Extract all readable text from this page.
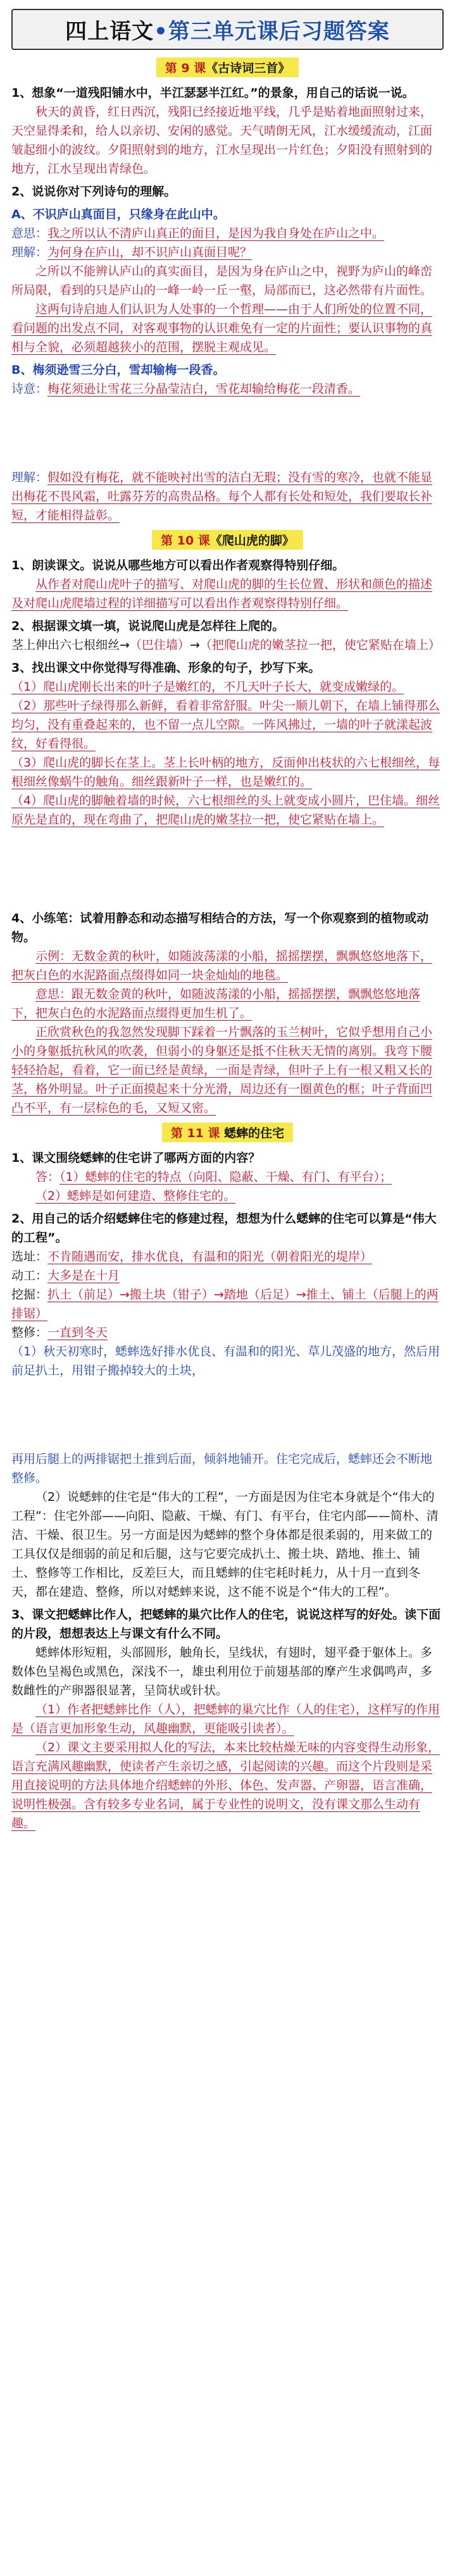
四上语文•第三单元课后习题答案
第 9 课《古诗词三首》

1、想象“一道残阳铺水中，半江瑟瑟半江红。”的景象，用自己的话说一说。

秋天的黄昏，红日西沉，残阳已经接近地平线，几乎是贴着地面照射过来，天空显得柔和，给人以亲切、安闲的感觉。天气晴朗无风，江水缓缓流动，江面皱起细小的波纹。夕阳照射到的地方，江水呈现出一片红色；夕阳没有照射到的地方，江水呈现出青绿色。

2、说说你对下列诗句的理解。

A、不识庐山真面目，只缘身在此山中。

意思：我之所以认不清庐山真正的面目，是因为我自身处在庐山之中。

理解：为何身在庐山，却不识庐山真面目呢？

之所以不能辨认庐山的真实面目，是因为身在庐山之中，视野为庐山的峰峦所局限，看到的只是庐山的一峰一岭一丘一壑，局部而已，这必然带有片面性。

这两句诗启迪人们认识为人处事的一个哲理——由于人们所处的位置不同，看问题的出发点不同，对客观事物的认识难免有一定的片面性；要认识事物的真相与全貌，必须超越狭小的范围，摆脱主观成见。

B、梅须逊雪三分白，雪却输梅一段香。

诗意：梅花须逊让雪花三分晶莹洁白，雪花却输给梅花一段清香。

理解：假如没有梅花，就不能映衬出雪的洁白无瑕；没有雪的寒冷，也就不能显出梅花不畏风霜，吐露芬芳的高贵品格。每个人都有长处和短处，我们要取长补短，才能相得益彰。

第 10 课《爬山虎的脚》

1、朗读课文。说说从哪些地方可以看出作者观察得特别仔细。

从作者对爬山虎叶子的描写、对爬山虎的脚的生长位置、形状和颜色的描述及对爬山虎爬墙过程的详细描写可以看出作者观察得特别仔细。

2、根据课文填一填，说说爬山虎是怎样往上爬的。

茎上伸出六七根细丝→（巴住墙）→（把爬山虎的嫩茎拉一把，使它紧贴在墙上）

3、找出课文中你觉得写得准确、形象的句子，抄写下来。

（1）爬山虎刚长出来的叶子是嫩红的，不几天叶子长大，就变成嫩绿的。

（2）那些叶子绿得那么新鲜，看着非常舒服。叶尖一顺儿朝下，在墙上铺得那么均匀，没有重叠起来的，也不留一点儿空隙。一阵风拂过，一墙的叶子就漾起波纹，好看得很。

（3）爬山虎的脚长在茎上。茎上长叶柄的地方，反面伸出枝状的六七根细丝，每根细丝像蜗牛的触角。细丝跟新叶子一样，也是嫩红的。

（4）爬山虎的脚触着墙的时候，六七根细丝的头上就变成小圆片，巴住墙。细丝原先是直的，现在弯曲了，把爬山虎的嫩茎拉一把，使它紧贴在墙上。

4、小练笔：试着用静态和动态描写相结合的方法，写一个你观察到的植物或动物。

示例：无数金黄的秋叶，如随波荡漾的小船，摇摇摆摆，飘飘悠悠地落下，把灰白色的水泥路面点缀得如同一块金灿灿的地毯。

意思：跟无数金黄的秋叶，如随波荡漾的小船，摇摇摆摆，飘飘悠悠地落下，把灰白色的水泥路面点缀得更加生机了。

正欣赏秋色的我忽然发现脚下踩着一片飘落的玉兰树叶，它似乎想用自己小小的身躯抵抗秋风的吹袭，但弱小的身躯还是抵不住秋天无情的离别。我弯下腰轻轻拾起，看着，它一面已经是黄绿，一面是青绿，但叶子上有一根又粗又长的茎，格外明显。叶子正面摸起来十分光滑，周边还有一圈黄色的框；叶子背面凹凸不平，有一层棕色的毛，又短又密。

第 11 课 蟋蟀的住宅

1、课文围绕蟋蟀的住宅讲了哪两方面的内容？

答：（1）蟋蟀的住宅的特点（向阳、隐蔽、干燥、有门、有平台）；

（2）蟋蟀是如何建造、整修住宅的。

2、用自己的话介绍蟋蟀住宅的修建过程，想想为什么蟋蟀的住宅可以算是“伟大的工程”。

选址：不肯随遇而安，排水优良，有温和的阳光（朝着阳光的堤岸）

动工：大多是在十月

挖掘：扒土（前足）→搬土块（钳子）→踏地（后足）→推土、铺土（后腿上的两排锯）

整修：一直到冬天

（1）秋天初寒时，蟋蟀选好排水优良、有温和的阳光、草儿茂盛的地方，然后用前足扒土，用钳子搬掉较大的土块，

再用后腿上的两排锯把土推到后面，倾斜地铺开。住宅完成后，蟋蟀还会不断地整修。

（2）说蟋蟀的住宅是“伟大的工程”，一方面是因为住宅本身就是个“伟大的工程”：住宅外部——向阳、隐蔽、干燥、有门、有平台，住宅内部——简朴、清洁、干燥、很卫生。另一方面是因为蟋蟀的整个身体都是很柔弱的，用来做工的工具仅仅是细弱的前足和后腿，这与它要完成扒土、搬土块、踏地、推土、铺土、整修等工作相比，反差巨大，而且蟋蟀的住宅耗时耗力，从十月一直到冬天，都在建造、整修，所以对蟋蟀来说，这不能不说是个“伟大的工程”。

3、课文把蟋蟀比作人，把蟋蟀的巢穴比作人的住宅，说说这样写的好处。读下面的片段，想想表达上与课文有什么不同。

蟋蟀体形短粗，头部圆形，触角长，呈线状，有翅时，翅平叠于躯体上。多数体色呈褐色或黑色，深浅不一，雄虫利用位于前翅基部的摩产生求偶鸣声，多数雌性的产卵器很显著，呈筒状或针状。

（1）作者把蟋蟀比作（人），把蟋蟀的巢穴比作（人的住宅），这样写的作用是（语言更加形象生动，风趣幽默，更能吸引读者）。

（2）课文主要采用拟人化的写法，本来比较枯燥无味的内容变得生动形象，语言充满风趣幽默，使读者产生亲切之感，引起阅读的兴趣。而这个片段则是采用直接说明的方法具体地介绍蟋蟀的外形、体色、发声器、产卵器，语言准确，说明性极强。含有较多专业名词，属于专业性的说明文，没有课文那么生动有趣。
